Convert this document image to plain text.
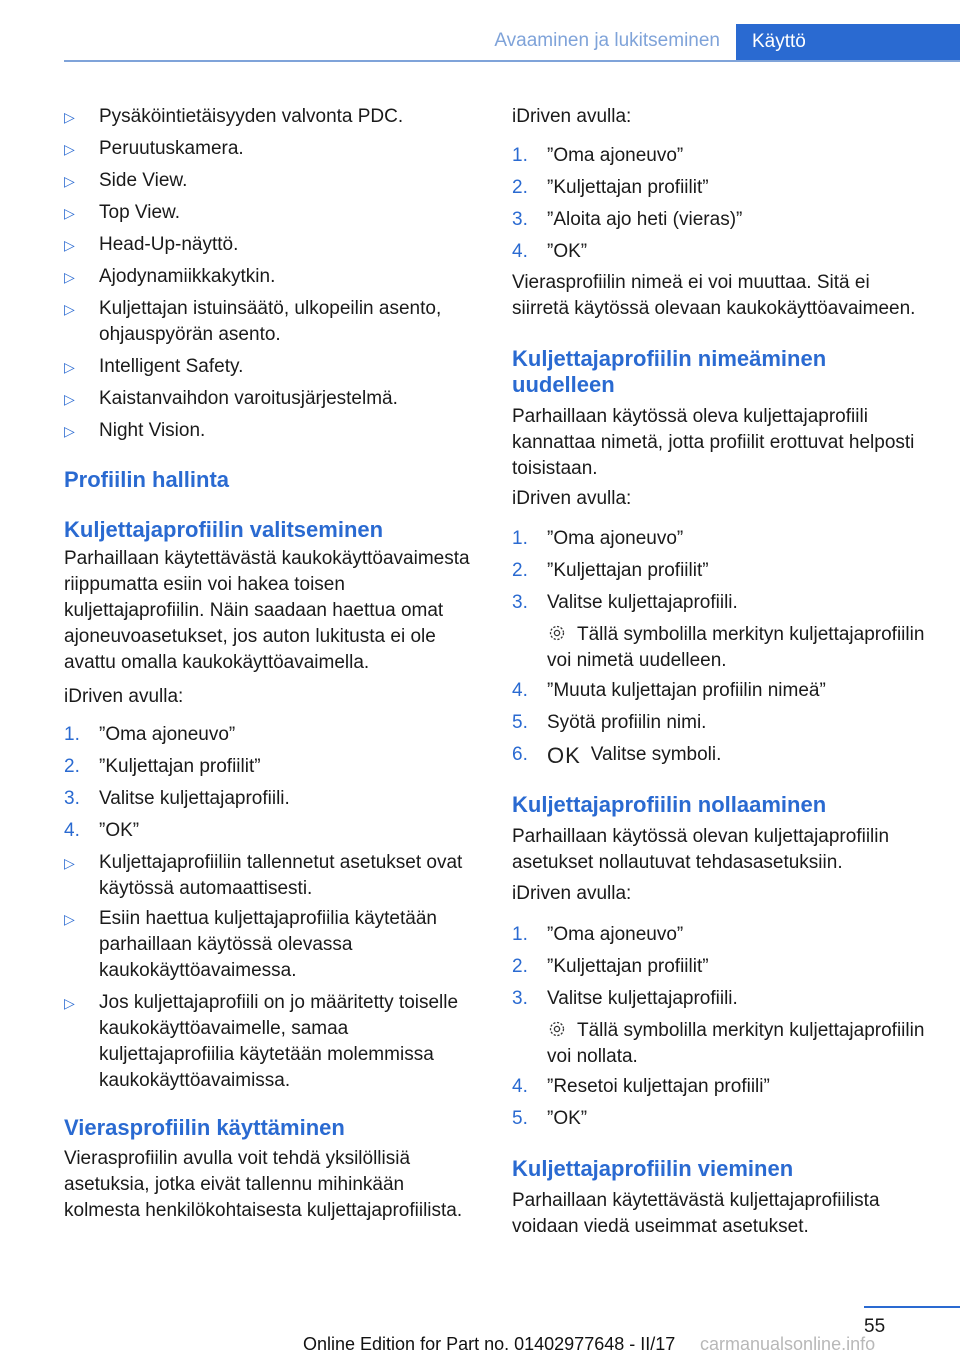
Avaaminen ja lukitseminen Käyttö
▷ Pysäköintietäisyyden valvonta PDC.
▷ Peruutuskamera.
▷ Side View.
▷ Top View.
▷ Head-Up-näyttö.
▷ Ajodynamiikkakytkin.
▷ Kuljettajan istuinsäätö, ulkopeilin asento, ohjauspyörän asento.
▷ Intelligent Safety.
▷ Kaistanvaihdon varoitusjärjestelmä.
▷ Night Vision.
Profiilin hallinta
Kuljettajaprofiilin valitseminen
Parhaillaan käytettävästä kaukokäyttöavaimesta riippumatta esiin voi hakea toisen kuljettajaprofiilin. Näin saadaan haettua omat ajoneuvoasetukset, jos auton lukitusta ei ole avattu omalla kaukokäyttöavaimella.
iDriven avulla:
1. ”Oma ajoneuvo”
2. ”Kuljettajan profiilit”
3. Valitse kuljettajaprofiili.
4. ”OK”
▷ Kuljettajaprofiiliin tallennetut asetukset ovat käytössä automaattisesti.
▷ Esiin haettua kuljettajaprofiilia käytetään parhaillaan käytössä olevassa kaukokäyttöavaimessa.
▷ Jos kuljettajaprofiili on jo määritetty toiselle kaukokäyttöavaimelle, samaa kuljettajaprofiilia käytetään molemmissa kaukokäyttöavaimissa.
Vierasprofiilin käyttäminen
Vierasprofiilin avulla voit tehdä yksilöllisiä asetuksia, jotka eivät tallennu mihinkään kolmesta henkilökohtaisesta kuljettajaprofiilista.
iDriven avulla:
1. ”Oma ajoneuvo”
2. ”Kuljettajan profiilit”
3. ”Aloita ajo heti (vieras)”
4. ”OK”
Vierasprofiilin nimeä ei voi muuttaa. Sitä ei siirretä käytössä olevaan kaukokäyttöavaimeen.
Kuljettajaprofiilin nimeäminen uudelleen
Parhaillaan käytössä oleva kuljettajaprofiili kannattaa nimetä, jotta profiilit erottuvat helposti toisistaan.
iDriven avulla:
1. ”Oma ajoneuvo”
2. ”Kuljettajan profiilit”
3. Valitse kuljettajaprofiili.
Tällä symbolilla merkityn kuljettajaprofiilin voi nimetä uudelleen.
4. ”Muuta kuljettajan profiilin nimeä”
5. Syötä profiilin nimi.
6. OK Valitse symboli.
Kuljettajaprofiilin nollaaminen
Parhaillaan käytössä olevan kuljettajaprofiilin asetukset nollautuvat tehdasasetuksiin.
iDriven avulla:
1. ”Oma ajoneuvo”
2. ”Kuljettajan profiilit”
3. Valitse kuljettajaprofiili.
Tällä symbolilla merkityn kuljettajaprofiilin voi nollata.
4. ”Resetoi kuljettajan profiili”
5. ”OK”
Kuljettajaprofiilin vieminen
Parhaillaan käytettävästä kuljettajaprofiilista voidaan viedä useimmat asetukset.
55
Online Edition for Part no. 01402977648 - II/17 carmanualsonline.info
